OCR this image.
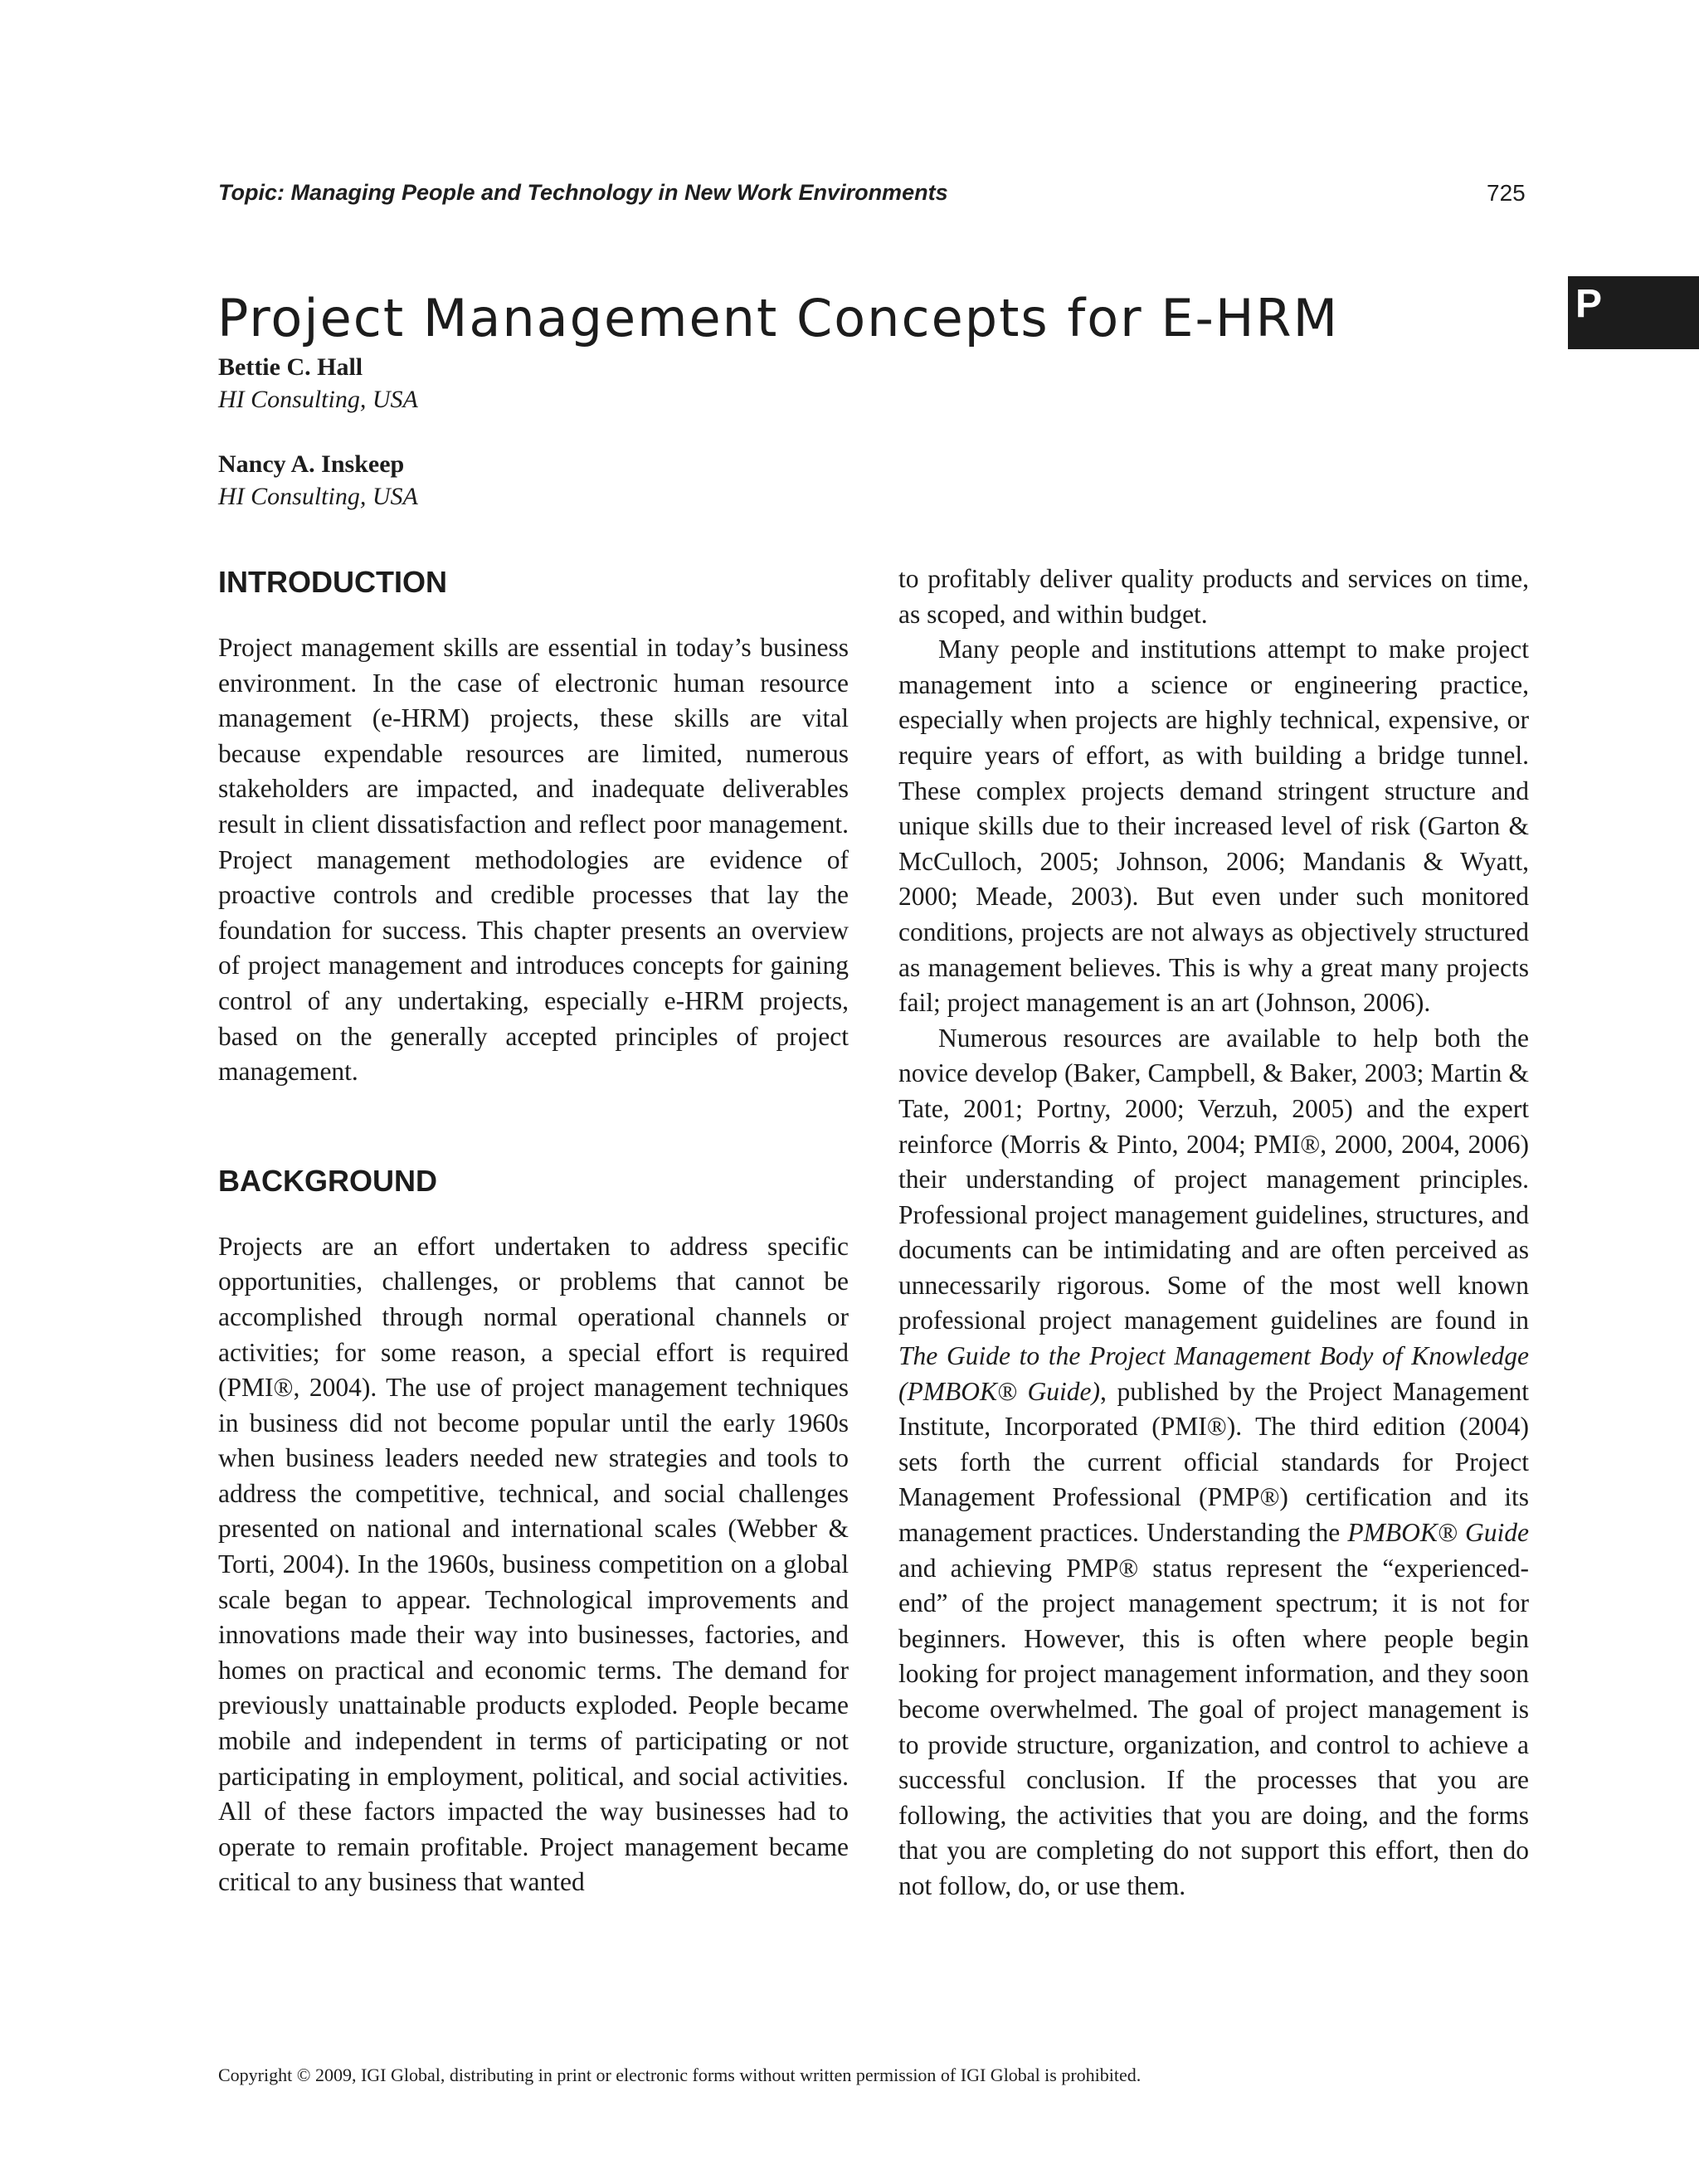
Topic: Managing People and Technology in New Work Environments	725
Project Management Concepts for E-HRM	P
Bettie C. Hall
HI Consulting, USA
Nancy A. Inskeep
HI Consulting, USA
INTRODUCTION

Project management skills are essential in today’s business environment. In the case of electronic human resource management (e-HRM) projects, these skills are vital because expendable resources are limited, numerous stakeholders are impacted, and inadequate deliverables result in client dissatisfaction and reflect poor management. Project management methodologies are evidence of proactive controls and credible processes that lay the foundation for success. This chapter presents an overview of project management and introduces concepts for gaining control of any undertaking, especially e-HRM projects, based on the generally accepted principles of project management.

BACKGROUND

Projects are an effort undertaken to address specific opportunities, challenges, or problems that cannot be accomplished through normal operational channels or activities; for some reason, a special effort is required (PMI®, 2004). The use of project management techniques in business did not become popular until the early 1960s when business leaders needed new strategies and tools to address the competitive, technical, and social challenges presented on national and international scales (Webber & Torti, 2004). In the 1960s, business competition on a global scale began to appear. Technological improvements and innovations made their way into businesses, factories, and homes on practical and economic terms. The demand for previously unattainable products exploded. People became mobile and independent in terms of participating or not participating in employment, political, and social activities. All of these factors impacted the way businesses had to operate to remain profitable. Project management became critical to any business that wanted

to profitably deliver quality products and services on time, as scoped, and within budget.

Many people and institutions attempt to make project management into a science or engineering practice, especially when projects are highly technical, expensive, or require years of effort, as with building a bridge tunnel. These complex projects demand stringent structure and unique skills due to their increased level of risk (Garton & McCulloch, 2005; Johnson, 2006; Mandanis & Wyatt, 2000; Meade, 2003). But even under such monitored conditions, projects are not always as objectively structured as management believes. This is why a great many projects fail; project management is an art (Johnson, 2006).

Numerous resources are available to help both the novice develop (Baker, Campbell, & Baker, 2003; Martin & Tate, 2001; Portny, 2000; Verzuh, 2005) and the expert reinforce (Morris & Pinto, 2004; PMI®, 2000, 2004, 2006) their understanding of project management principles. Professional project management guidelines, structures, and documents can be intimidating and are often perceived as unnecessarily rigorous. Some of the most well known professional project management guidelines are found in The Guide to the Project Management Body of Knowledge (PMBOK® Guide), published by the Project Management Institute, Incorporated (PMI®). The third edition (2004) sets forth the current official standards for Project Management Professional (PMP®) certification and its management practices. Understanding the PMBOK® Guide and achieving PMP® status represent the “experienced-end” of the project management spectrum; it is not for beginners. However, this is often where people begin looking for project management information, and they soon become overwhelmed. The goal of project management is to provide structure, organization, and control to achieve a successful conclusion. If the processes that you are following, the activities that you are doing, and the forms that you are completing do not support this effort, then do not follow, do, or use them.

Copyright © 2009, IGI Global, distributing in print or electronic forms without written permission of IGI Global is prohibited.
